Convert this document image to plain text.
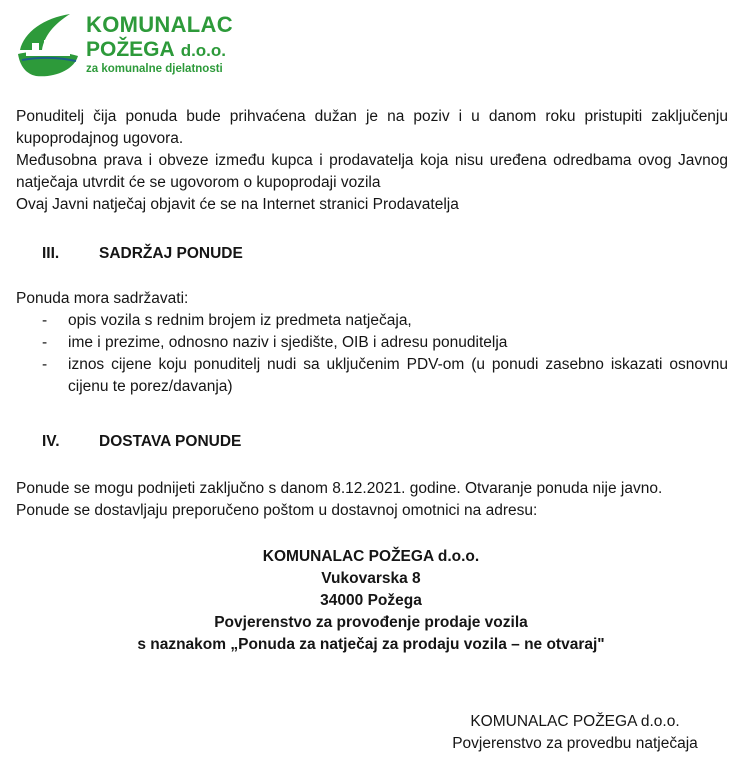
KOMUNALAC
POŽEGA d.o.o.
za komunalne djelatnosti

Ponuditelj čija ponuda bude prihvaćena dužan je na poziv i u danom roku pristupiti zaključenju kupoprodajnog ugovora.

Međusobna prava i obveze između kupca i prodavatelja koja nisu uređena odredbama ovog Javnog natječaja utvrdit će se ugovorom o kupoprodaji vozila

Ovaj Javni natječaj objavit će se na Internet stranici Prodavatelja

III.	SADRŽAJ PONUDE

Ponuda mora sadržavati:

- opis vozila s rednim brojem iz predmeta natječaja,
- ime i prezime, odnosno naziv i sjedište, OIB i adresu ponuditelja
- iznos cijene koju ponuditelj nudi sa uključenim PDV-om (u ponudi zasebno iskazati osnovnu cijenu te porez/davanja)
IV.	DOSTAVA PONUDE

Ponude se mogu podnijeti zaključno s danom 8.12.2021. godine. Otvaranje ponuda nije javno.

Ponude se dostavljaju preporučeno poštom u dostavnoj omotnici na adresu:

KOMUNALAC POŽEGA d.o.o.
Vukovarska 8
34000 Požega
Povjerenstvo za provođenje prodaje vozila
s naznakom „Ponuda za natječaj za prodaju vozila – ne otvaraj"
KOMUNALAC POŽEGA d.o.o.
Povjerenstvo za provedbu natječaja
